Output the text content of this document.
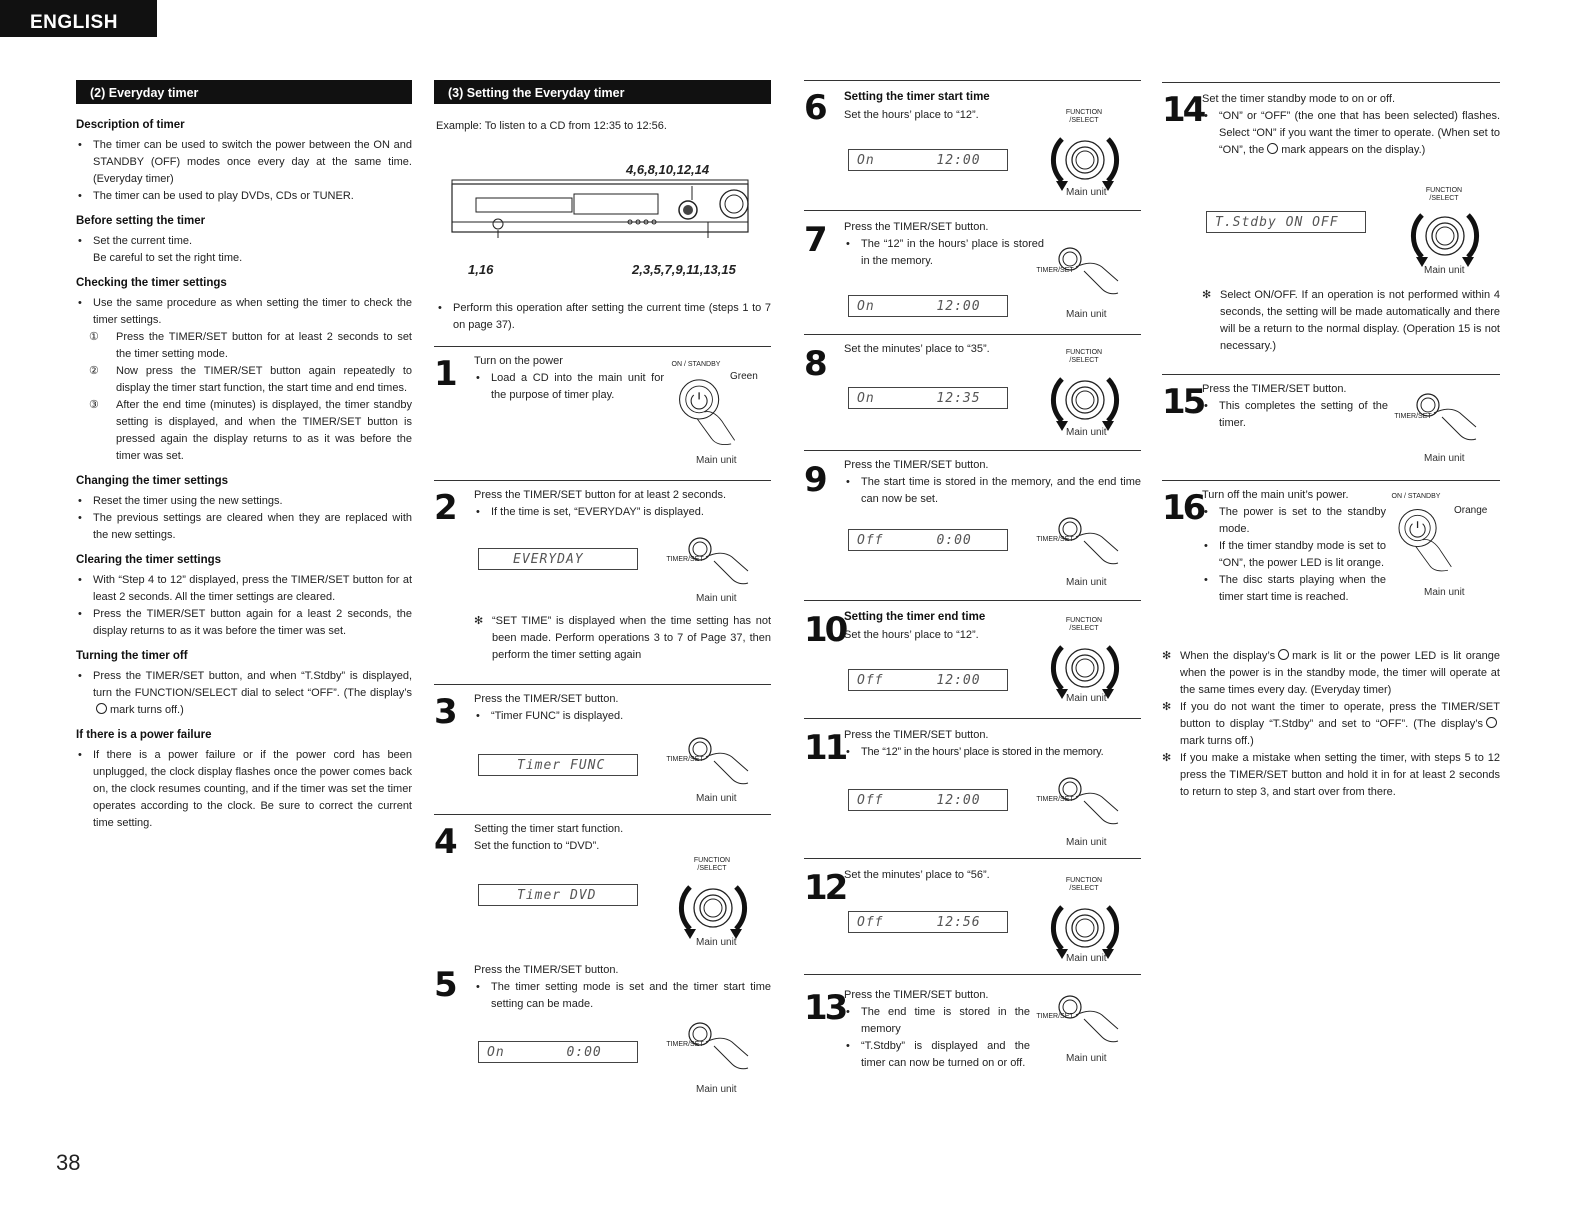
ENGLISH
38
(2) Everyday timer
Description of timer
• The timer can be used to switch the power between the ON and STANDBY (OFF) modes once every day at the same time. (Everyday timer)
• The timer can be used to play DVDs, CDs or TUNER.
Before setting the timer
• Set the current time.
Be careful to set the right time.
Checking the timer settings
• Use the same procedure as when setting the timer to check the timer settings.
① Press the TIMER/SET button for at least 2 seconds to set the timer setting mode.
② Now press the TIMER/SET button again repeatedly to display the timer start function, the start time and end times.
③ After the end time (minutes) is displayed, the timer standby setting is displayed, and when the TIMER/SET button is pressed again the display returns to as it was before the timer was set.
Changing the timer settings
• Reset the timer using the new settings.
• The previous settings are cleared when they are replaced with the new settings.
Clearing the timer settings
• With “Step 4 to 12” displayed, press the TIMER/SET button for at least 2 seconds. All the timer settings are cleared.
• Press the TIMER/SET button again for a least 2 seconds, the display returns to as it was before the timer was set.
Turning the timer off
• Press the TIMER/SET button, and when “T.Stdby” is displayed, turn the FUNCTION/SELECT dial to select “OFF”. (The display’smark turns off.)
If there is a power failure
• If there is a power failure or if the power cord has been unplugged, the clock display flashes once the power comes back on, the clock resumes counting, and if the timer was set the timer operates according to the clock. Be sure to correct the current time setting.
(3) Setting the Everyday timer
Example: To listen to a CD from 12:35 to 12:56.
4,6,8,10,12,14
1,16	2,3,5,7,9,11,13,15
• Perform this operation after setting the current time (steps 1 to 7 on page 37).
1 Turn on the power
• Load a CD into the main unit for the purpose of timer play.
ON / STANDBY
Green
Main unit
2 Press the TIMER/SET button for at least 2 seconds.
• If the time is set, “EVERYDAY” is displayed.
EVERYDAY	TIMER/SET
Main unit
✻ “SET TIME” is displayed when the time setting has not been made. Perform operations 3 to 7 of Page 37, then perform the timer setting again
3 Press the TIMER/SET button.
• “Timer FUNC” is displayed.
Timer FUNC	TIMER/SET
Main unit
4 Setting the timer start function.
Set the function to “DVD”.
Timer DVD
FUNCTION
/SELECT
Main unit
5 Press the TIMER/SET button.
• The timer setting mode is set and the timer start time setting can be made.
On       0:00
TIMER/SET
Main unit
6 Setting the timer start time
Set the hours’ place to “12”.
On       12:00
FUNCTION
/SELECT
Main unit
7 Press the TIMER/SET button.
• The “12” in the hours’ place is stored in the memory.
On       12:00
TIMER/SET
Main unit
8 Set the minutes’ place to “35”.
On       12:35
FUNCTION
/SELECT
Main unit
9 Press the TIMER/SET button.
• The start time is stored in the memory, and the end time can now be set.
Off      0:00	TIMER/SET
Main unit
10
Setting the timer end time
Set the hours’ place to “12”.
Off      12:00
FUNCTION
/SELECT
Main unit
11
Press the TIMER/SET button.
• The “12” in the hours’ place is stored in the memory.
Off      12:00	TIMER/SET
Main unit
12
Set the minutes’ place to “56”.
Off      12:56
FUNCTION
/SELECT
Main unit
13
Press the TIMER/SET button.
• The end time is stored in the memory
• “T.Stdby” is displayed and the timer can now be turned on or off.
TIMER/SET
Main unit
14
Set the timer standby mode to on or off.
• “ON” or “OFF” (the one that has been selected) flashes. Select “ON” if you want the timer to operate. (When set to “ON”, the mark appears on the display.)
T.Stdby ON OFF
FUNCTION
/SELECT
Main unit
✻ Select ON/OFF. If an operation is not performed within 4 seconds, the setting will be made automatically and there will be a return to the normal display. (Operation 15 is not necessary.)
15
Press the TIMER/SET button.
• This completes the setting of the timer.
TIMER/SET
Main unit
16
Turn off the main unit’s power.
• The power is set to the standby mode.
• If the timer standby mode is set to “ON”, the power LED is lit orange.
• The disc starts playing when the timer start time is reached.
ON / STANDBY
Orange
Main unit
✻ When the display’s mark is lit or the power LED is lit orange when the power is in the standby mode, the timer will operate at the same times every day. (Everyday timer)
✻ If you do not want the timer to operate, press the TIMER/SET button to display “T.Stdby” and set to “OFF”. (The display’smark turns off.)
✻ If you make a mistake when setting the timer, with steps 5 to 12 press the TIMER/SET button and hold it in for at least 2 seconds to return to step 3, and start over from there.
